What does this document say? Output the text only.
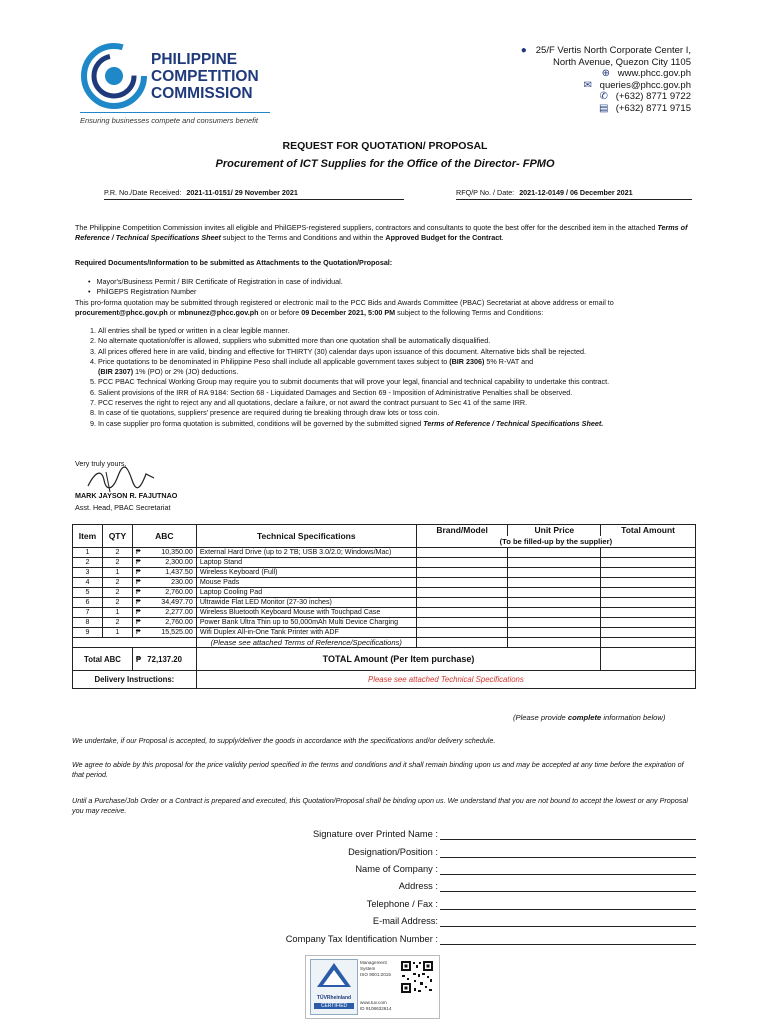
PHILIPPINE
COMPETITION
COMMISSION
Ensuring businesses compete and consumers benefit
● 25/F Vertis North Corporate Center I,
North Avenue, Quezon City 1105
⊕ www.phcc.gov.ph
✉ queries@phcc.gov.ph
✆ (+632) 8771 9722
▤ (+632) 8771 9715
REQUEST FOR QUOTATION/ PROPOSAL
Procurement of ICT Supplies for the Office of the Director- FPMO
P.R. No./Date Received: 2021-11-0151/ 29 November 2021	RFQ/P No. / Date: 2021-12-0149 / 06 December 2021
The Philippine Competition Commission invites all eligible and PhilGEPS-registered suppliers, contractors and consultants to quote the best offer for the described item in the attached Terms of Reference / Technical Specifications Sheet subject to the Terms and Conditions and within the Approved Budget for the Contract.
Required Documents/Information to be submitted as Attachments to the Quotation/Proposal:
•   Mayor's/Business Permit / BIR Certificate of Registration in case of individual.
•   PhilGEPS Registration Number
This pro-forma quotation may be submitted through registered or electronic mail to the PCC Bids and Awards Committee (PBAC) Secretariat at above address or email to procurement@phcc.gov.ph or mbnunez@phcc.gov.ph on or before 09 December 2021, 5:00 PM subject to the following Terms and Conditions:
1. All entries shall be typed or written in a clear legible manner.
2. No alternate quotation/offer is allowed, suppliers who submitted more than one quotation shall be automatically disqualified.
3. All prices offered here in are valid, binding and effective for THIRTY (30) calendar days upon issuance of this document. Alternative bids shall be rejected.
4. Price quotations to be denominated in Philippine Peso shall include all applicable government taxes subject to (BIR 2306) 5% R-VAT and
(BIR 2307) 1% (PO) or 2% (JO) deductions.
5. PCC PBAC Technical Working Group may require you to submit documents that will prove your legal, financial and technical capability to undertake this contract.
6. Salient provisions of the IRR of RA 9184: Section 68 - Liquidated Damages and Section 69 - Imposition of Administrative Penalties shall be observed.
7. PCC reserves the right to reject any and all quotations, declare a failure, or not award the contract pursuant to Sec 41 of the same IRR.
8. In case of tie quotations, suppliers' presence are required during tie breaking through draw lots or toss coin.
9. In case supplier pro forma quotation is submitted, conditions will be governed by the submitted signed Terms of Reference / Technical Specifications Sheet.
Very truly yours,
MARK JAYSON R. FAJUTNAO
Asst. Head, PBAC Secretariat
Item	QTY	ABC	Technical Specifications	Brand/Model	Unit Price	Total Amount
				(To be filled-up by the supplier)		
1	2	₱ 10,350.00	External Hard Drive (up to 2 TB; USB 3.0/2.0; Windows/Mac)			
2	2	₱ 2,300.00	Laptop Stand			
3	1	₱ 1,437.50	Wireless Keyboard (Full)			
4	2	₱ 230.00	Mouse Pads			
5	2	₱ 2,760.00	Laptop Cooling Pad			
6	2	₱ 34,497.70	Ultrawide Flat LED Monitor (27-30 inches)			
7	1	₱ 2,277.00	Wireless Bluetooth Keyboard Mouse with Touchpad Case			
8	2	₱ 2,760.00	Power Bank Ultra Thin up to 50,000mAh Multi Device Charging			
9	1	₱ 15,525.00	Wifi Duplex All-in-One Tank Printer with ADF			
			(Please see attached Terms of Reference/Specifications)			
Total ABC		₱ 72,137.20	TOTAL Amount (Per Item purchase)			
Delivery Instructions:			Please see attached Technical Specifications			
(Please provide complete information below)
We undertake, if our Proposal is accepted, to supply/deliver the goods in accordance with the specifications and/or delivery schedule.
We agree to abide by this proposal for the price validity period specified in the terms and conditions and it shall remain binding upon us and may be accepted at any time before the expiration of that period.
Until a Purchase/Job Order or a Contract is prepared and executed, this Quotation/Proposal shall be binding upon us. We understand that you are not bound to accept the lowest or any Proposal you may receive.
Signature over Printed Name :
Designation/Position :
Name of Company :
Address :
Telephone / Fax :
E-mail Address:
Company Tax Identification Number :
TÜVRheinland
CERTIFIED
Management System
ISO 9001:2015
www.tuv.com
ID 9108632614
